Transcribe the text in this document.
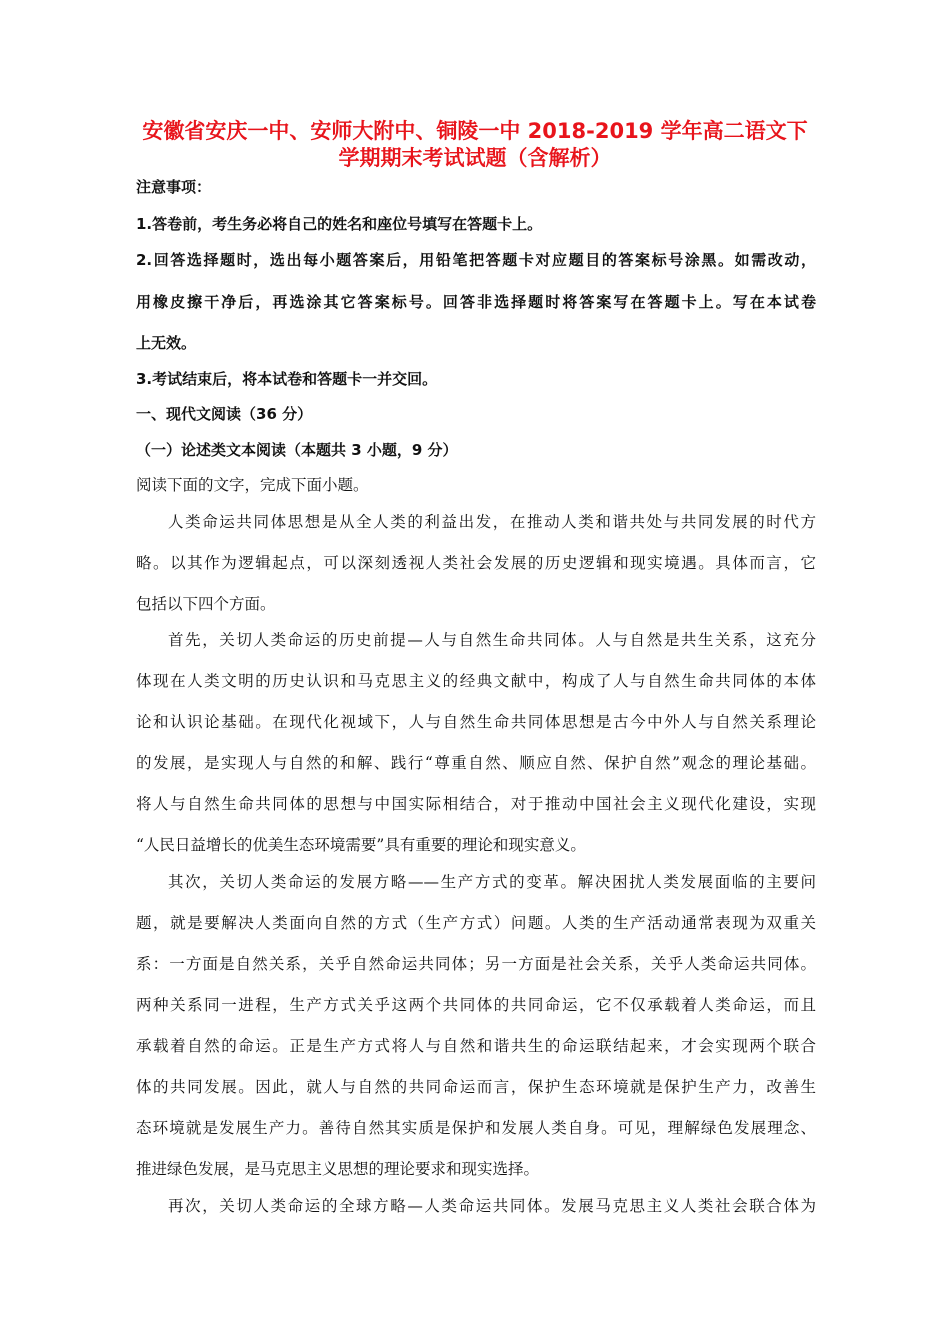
安徽省安庆一中、安师大附中、铜陵一中 2018-2019 学年高二语文下
学期期末考试试题（含解析）
注意事项：
1.答卷前，考生务必将自己的姓名和座位号填写在答题卡上。
2.回答选择题时，选出每小题答案后，用铅笔把答题卡对应题目的答案标号涂黑。如需改动，
用橡皮擦干净后，再选涂其它答案标号。回答非选择题时将答案写在答题卡上。写在本试卷
上无效。
3.考试结束后，将本试卷和答题卡一并交回。
一、现代文阅读（36 分）
（一）论述类文本阅读（本题共 3 小题，9 分）
阅读下面的文字，完成下面小题。
人类命运共同体思想是从全人类的利益出发，在推动人类和谐共处与共同发展的时代方
略。以其作为逻辑起点，可以深刻透视人类社会发展的历史逻辑和现实境遇。具体而言，它
包括以下四个方面。
首先，关切人类命运的历史前提—人与自然生命共同体。人与自然是共生关系，这充分
体现在人类文明的历史认识和马克思主义的经典文献中，构成了人与自然生命共同体的本体
论和认识论基础。在现代化视域下，人与自然生命共同体思想是古今中外人与自然关系理论
的发展，是实现人与自然的和解、践行“尊重自然、顺应自然、保护自然”观念的理论基础。
将人与自然生命共同体的思想与中国实际相结合，对于推动中国社会主义现代化建设，实现
“人民日益增长的优美生态环境需要”具有重要的理论和现实意义。
其次，关切人类命运的发展方略——生产方式的变革。解决困扰人类发展面临的主要问
题，就是要解决人类面向自然的方式（生产方式）问题。人类的生产活动通常表现为双重关
系：一方面是自然关系，关乎自然命运共同体；另一方面是社会关系，关乎人类命运共同体。
两种关系同一进程，生产方式关乎这两个共同体的共同命运，它不仅承载着人类命运，而且
承载着自然的命运。正是生产方式将人与自然和谐共生的命运联结起来，才会实现两个联合
体的共同发展。因此，就人与自然的共同命运而言，保护生态环境就是保护生产力，改善生
态环境就是发展生产力。善待自然其实质是保护和发展人类自身。可见，理解绿色发展理念、
推进绿色发展，是马克思主义思想的理论要求和现实选择。
再次，关切人类命运的全球方略—人类命运共同体。发展马克思主义人类社会联合体为
